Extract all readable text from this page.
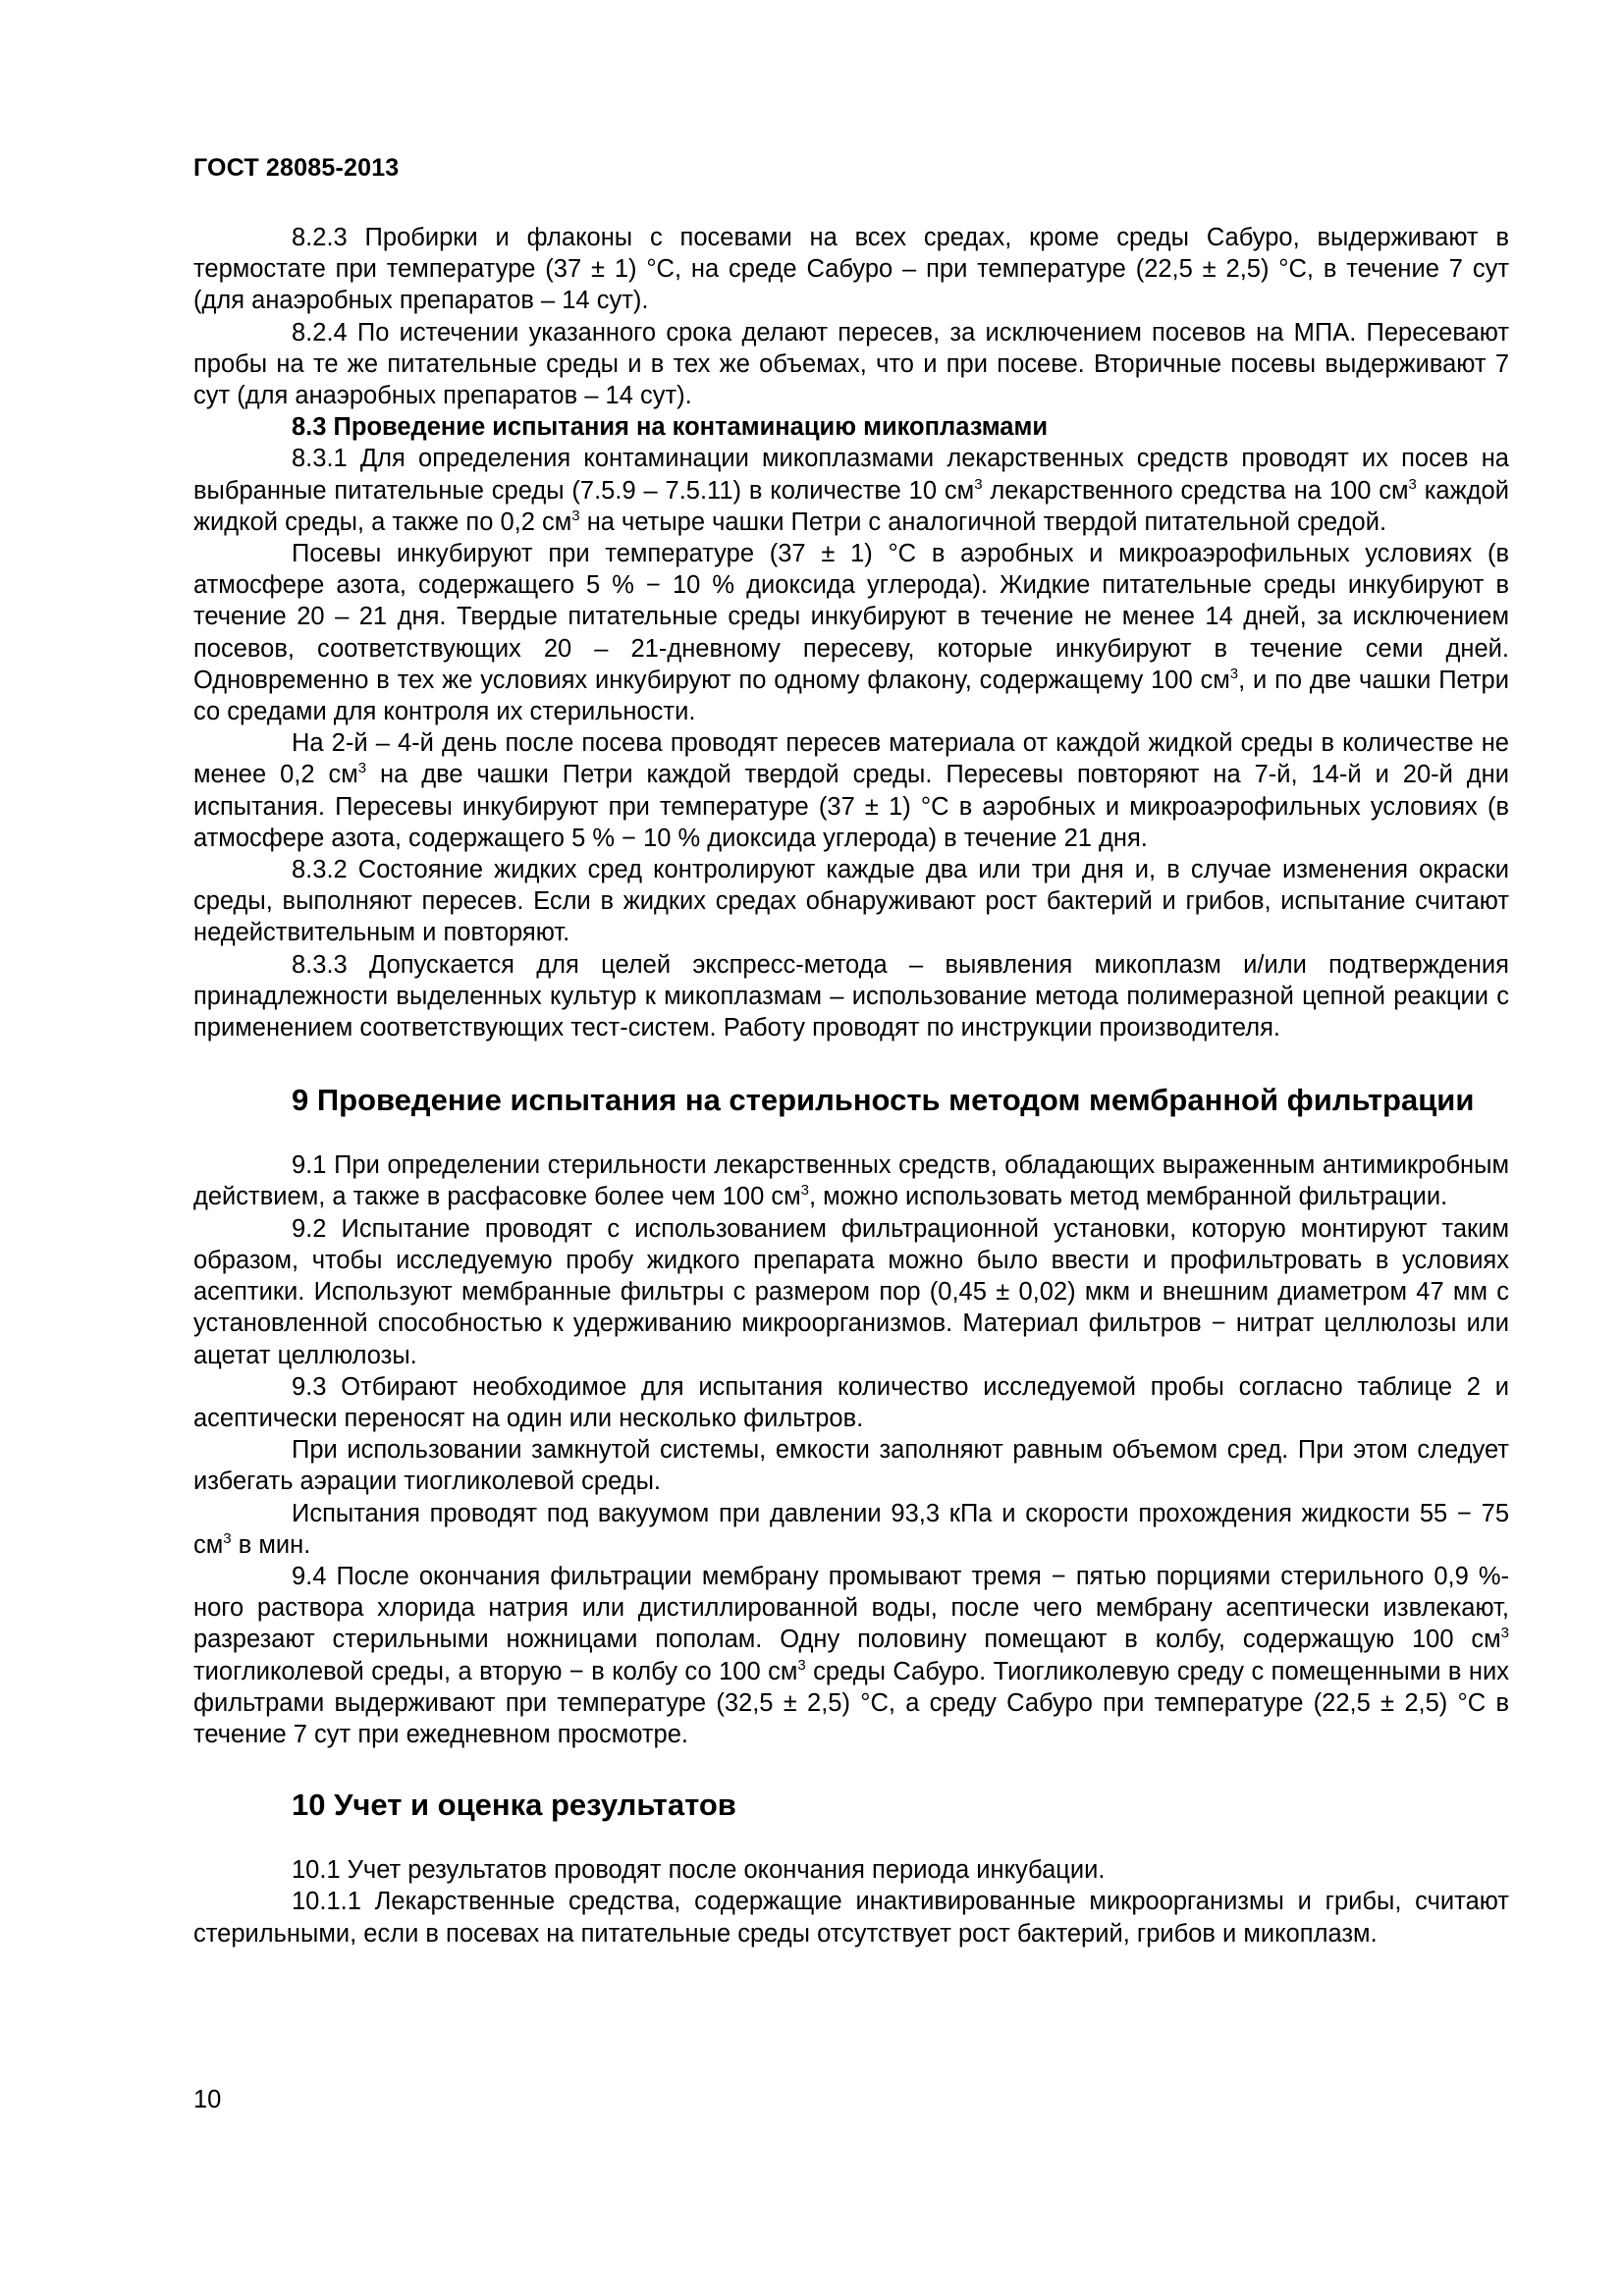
ГОСТ 28085-2013

8.2.3 Пробирки и флаконы с посевами на всех средах, кроме среды Сабуро, выдерживают в термостате при температуре (37 ± 1) °С, на среде Сабуро – при температуре (22,5 ± 2,5) °С, в течение 7 сут (для анаэробных препаратов – 14 сут).

8.2.4 По истечении указанного срока делают пересев, за исключением посевов на МПА. Пересевают пробы на те же питательные среды и в тех же объемах, что и при посеве. Вторичные посевы выдерживают 7 сут (для анаэробных препаратов – 14 сут).

8.3 Проведение испытания на контаминацию микоплазмами

8.3.1 Для определения контаминации микоплазмами лекарственных средств проводят их посев на выбранные питательные среды (7.5.9 – 7.5.11) в количестве 10 $см^3$ лекарственного средства на 100 $см^3$ каждой жидкой среды, а также по 0,2 $см^3$ на четыре чашки Петри с аналогичной твердой питательной средой.

Посевы инкубируют при температуре (37 ± 1) °С в аэробных и микроаэрофильных условиях (в атмосфере азота, содержащего 5 % − 10 % диоксида углерода). Жидкие питательные среды инкубируют в течение 20 – 21 дня. Твердые питательные среды инкубируют в течение не менее 14 дней, за исключением посевов, соответствующих 20 – 21-дневному пересеву, которые инкубируют в течение семи дней. Одновременно в тех же условиях инкубируют по одному флакону, содержащему 100 $см^3$, и по две чашки Петри со средами для контроля их стерильности.

На 2-й – 4-й день после посева проводят пересев материала от каждой жидкой среды в количестве не менее 0,2 $см^3$ на две чашки Петри каждой твердой среды. Пересевы повторяют на 7-й, 14-й и 20-й дни испытания. Пересевы инкубируют при температуре (37 ± 1) °С в аэробных и микроаэрофильных условиях (в атмосфере азота, содержащего 5 % − 10 % диоксида углерода) в течение 21 дня.

8.3.2 Состояние жидких сред контролируют каждые два или три дня и, в случае изменения окраски среды, выполняют пересев. Если в жидких средах обнаруживают рост бактерий и грибов, испытание считают недействительным и повторяют.

8.3.3 Допускается для целей экспресс-метода – выявления микоплазм и/или подтверждения принадлежности выделенных культур к микоплазмам – использование метода полимеразной цепной реакции с применением соответствующих тест-систем. Работу проводят по инструкции производителя.

9 Проведение испытания на стерильность методом мембранной фильтрации

9.1 При определении стерильности лекарственных средств, обладающих выраженным антимикробным действием, а также в расфасовке более чем 100 $см^3$, можно использовать метод мембранной фильтрации.

9.2 Испытание проводят с использованием фильтрационной установки, которую монтируют таким образом, чтобы исследуемую пробу жидкого препарата можно было ввести и профильтровать в условиях асептики. Используют мембранные фильтры с размером пор (0,45 ± 0,02) мкм и внешним диаметром 47 мм с установленной способностью к удерживанию микроорганизмов. Материал фильтров − нитрат целлюлозы или ацетат целлюлозы.

9.3 Отбирают необходимое для испытания количество исследуемой пробы согласно таблице 2 и асептически переносят на один или несколько фильтров.

При использовании замкнутой системы, емкости заполняют равным объемом сред. При этом следует избегать аэрации тиогликолевой среды.

Испытания проводят под вакуумом при давлении 93,3 кПа и скорости прохождения жидкости 55 − 75 $см^3$ в мин.

9.4 После окончания фильтрации мембрану промывают тремя − пятью порциями стерильного 0,9 %-ного раствора хлорида натрия или дистиллированной воды, после чего мембрану асептически извлекают, разрезают стерильными ножницами пополам. Одну половину помещают в колбу, содержащую 100 $см^3$ тиогликолевой среды, а вторую − в колбу со 100 $см^3$ среды Сабуро. Тиогликолевую среду с помещенными в них фильтрами выдерживают при температуре (32,5 ± 2,5) °С, а среду Сабуро при температуре (22,5 ± 2,5) °С в течение 7 сут при ежедневном просмотре.

10 Учет и оценка результатов

10.1 Учет результатов проводят после окончания периода инкубации.

10.1.1 Лекарственные средства, содержащие инактивированные микроорганизмы и грибы, считают стерильными, если в посевах на питательные среды отсутствует рост бактерий, грибов и микоплазм.

10
